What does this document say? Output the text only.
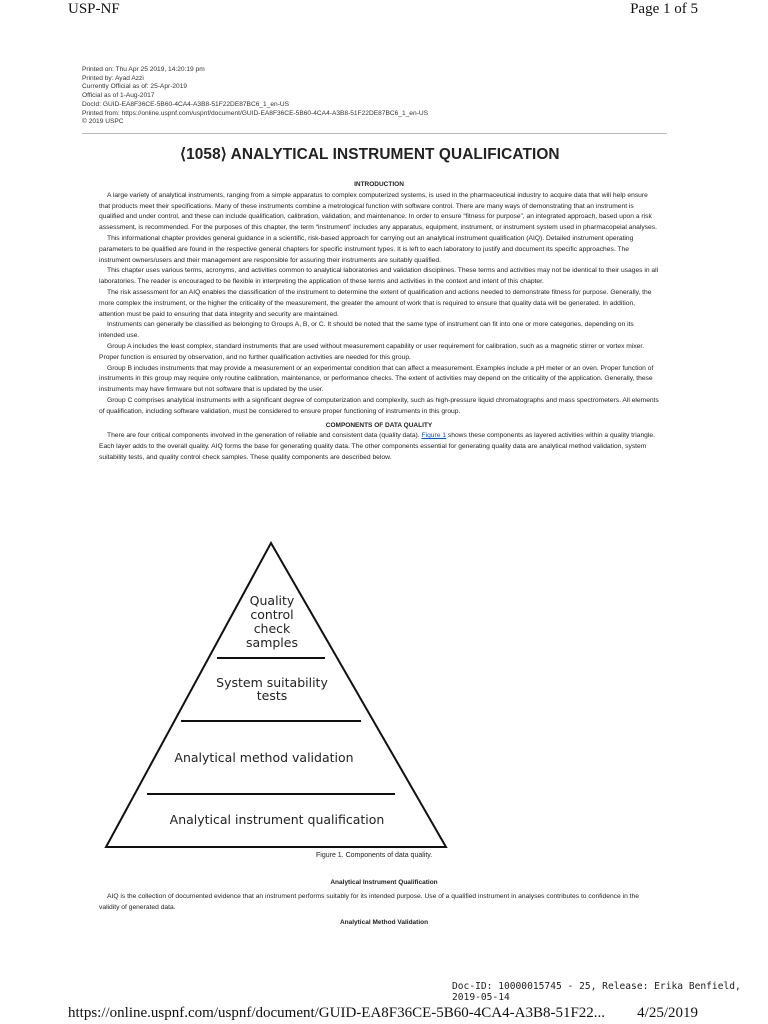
USP-NF	Page 1 of 5
Printed on: Thu Apr 25 2019, 14:20:19 pm
Printed by: Ayad Azzi
Currently Official as of: 25-Apr-2019
Official as of 1-Aug-2017
DocId: GUID-EA8F36CE-5B60-4CA4-A3B8-51F22DE87BC6_1_en-US
Printed from: https://online.uspnf.com/uspnf/document/GUID-EA8F36CE-5B60-4CA4-A3B8-51F22DE87BC6_1_en-US
© 2019 USPC
⟨1058⟩ ANALYTICAL INSTRUMENT QUALIFICATION

INTRODUCTION

A large variety of analytical instruments, ranging from a simple apparatus to complex computerized systems, is used in the pharmaceutical industry to acquire data that will help ensure that products meet their specifications. Many of these instruments combine a metrological function with software control. There are many ways of demonstrating that an instrument is qualified and under control, and these can include qualification, calibration, validation, and maintenance. In order to ensure “fitness for purpose”, an integrated approach, based upon a risk assessment, is recommended. For the purposes of this chapter, the term “instrument” includes any apparatus, equipment, instrument, or instrument system used in pharmacopeial analyses.

This informational chapter provides general guidance in a scientific, risk-based approach for carrying out an analytical instrument qualification (AIQ). Detailed instrument operating parameters to be qualified are found in the respective general chapters for specific instrument types. It is left to each laboratory to justify and document its specific approaches. The instrument owners/users and their management are responsible for assuring their instruments are suitably qualified.

This chapter uses various terms, acronyms, and activities common to analytical laboratories and validation disciplines. These terms and activities may not be identical to their usages in all laboratories. The reader is encouraged to be flexible in interpreting the application of these terms and activities in the context and intent of this chapter.

The risk assessment for an AIQ enables the classification of the instrument to determine the extent of qualification and actions needed to demonstrate fitness for purpose. Generally, the more complex the instrument, or the higher the criticality of the measurement, the greater the amount of work that is required to ensure that quality data will be generated. In addition, attention must be paid to ensuring that data integrity and security are maintained.

Instruments can generally be classified as belonging to Groups A, B, or C. It should be noted that the same type of instrument can fit into one or more categories, depending on its intended use.

Group A includes the least complex, standard instruments that are used without measurement capability or user requirement for calibration, such as a magnetic stirrer or vortex mixer. Proper function is ensured by observation, and no further qualification activities are needed for this group.

Group B includes instruments that may provide a measurement or an experimental condition that can affect a measurement. Examples include a pH meter or an oven. Proper function of instruments in this group may require only routine calibration, maintenance, or performance checks. The extent of activities may depend on the criticality of the application. Generally, these instruments may have firmware but not software that is updated by the user.

Group C comprises analytical instruments with a significant degree of computerization and complexity, such as high-pressure liquid chromatographs and mass spectrometers. All elements of qualification, including software validation, must be considered to ensure proper functioning of instruments in this group.

COMPONENTS OF DATA QUALITY

There are four critical components involved in the generation of reliable and consistent data (quality data). Figure 1 shows these components as layered activities within a quality triangle. Each layer adds to the overall quality. AIQ forms the base for generating quality data. The other components essential for generating quality data are analytical method validation, system suitability tests, and quality control check samples. These quality components are described below.

Quality
control
check
samples
System suitability
tests
Analytical method validation
Analytical instrument qualification
Figure 1. Components of data quality.
Analytical Instrument Qualification

AIQ is the collection of documented evidence that an instrument performs suitably for its intended purpose. Use of a qualified instrument in analyses contributes to confidence in the validity of generated data.

Analytical Method Validation
Doc-ID: 10000015745 - 25, Release: Erika Benfield, 2019-05-14
https://online.uspnf.com/uspnf/document/GUID-EA8F36CE-5B60-4CA4-A3B8-51F22... 4/25/2019
